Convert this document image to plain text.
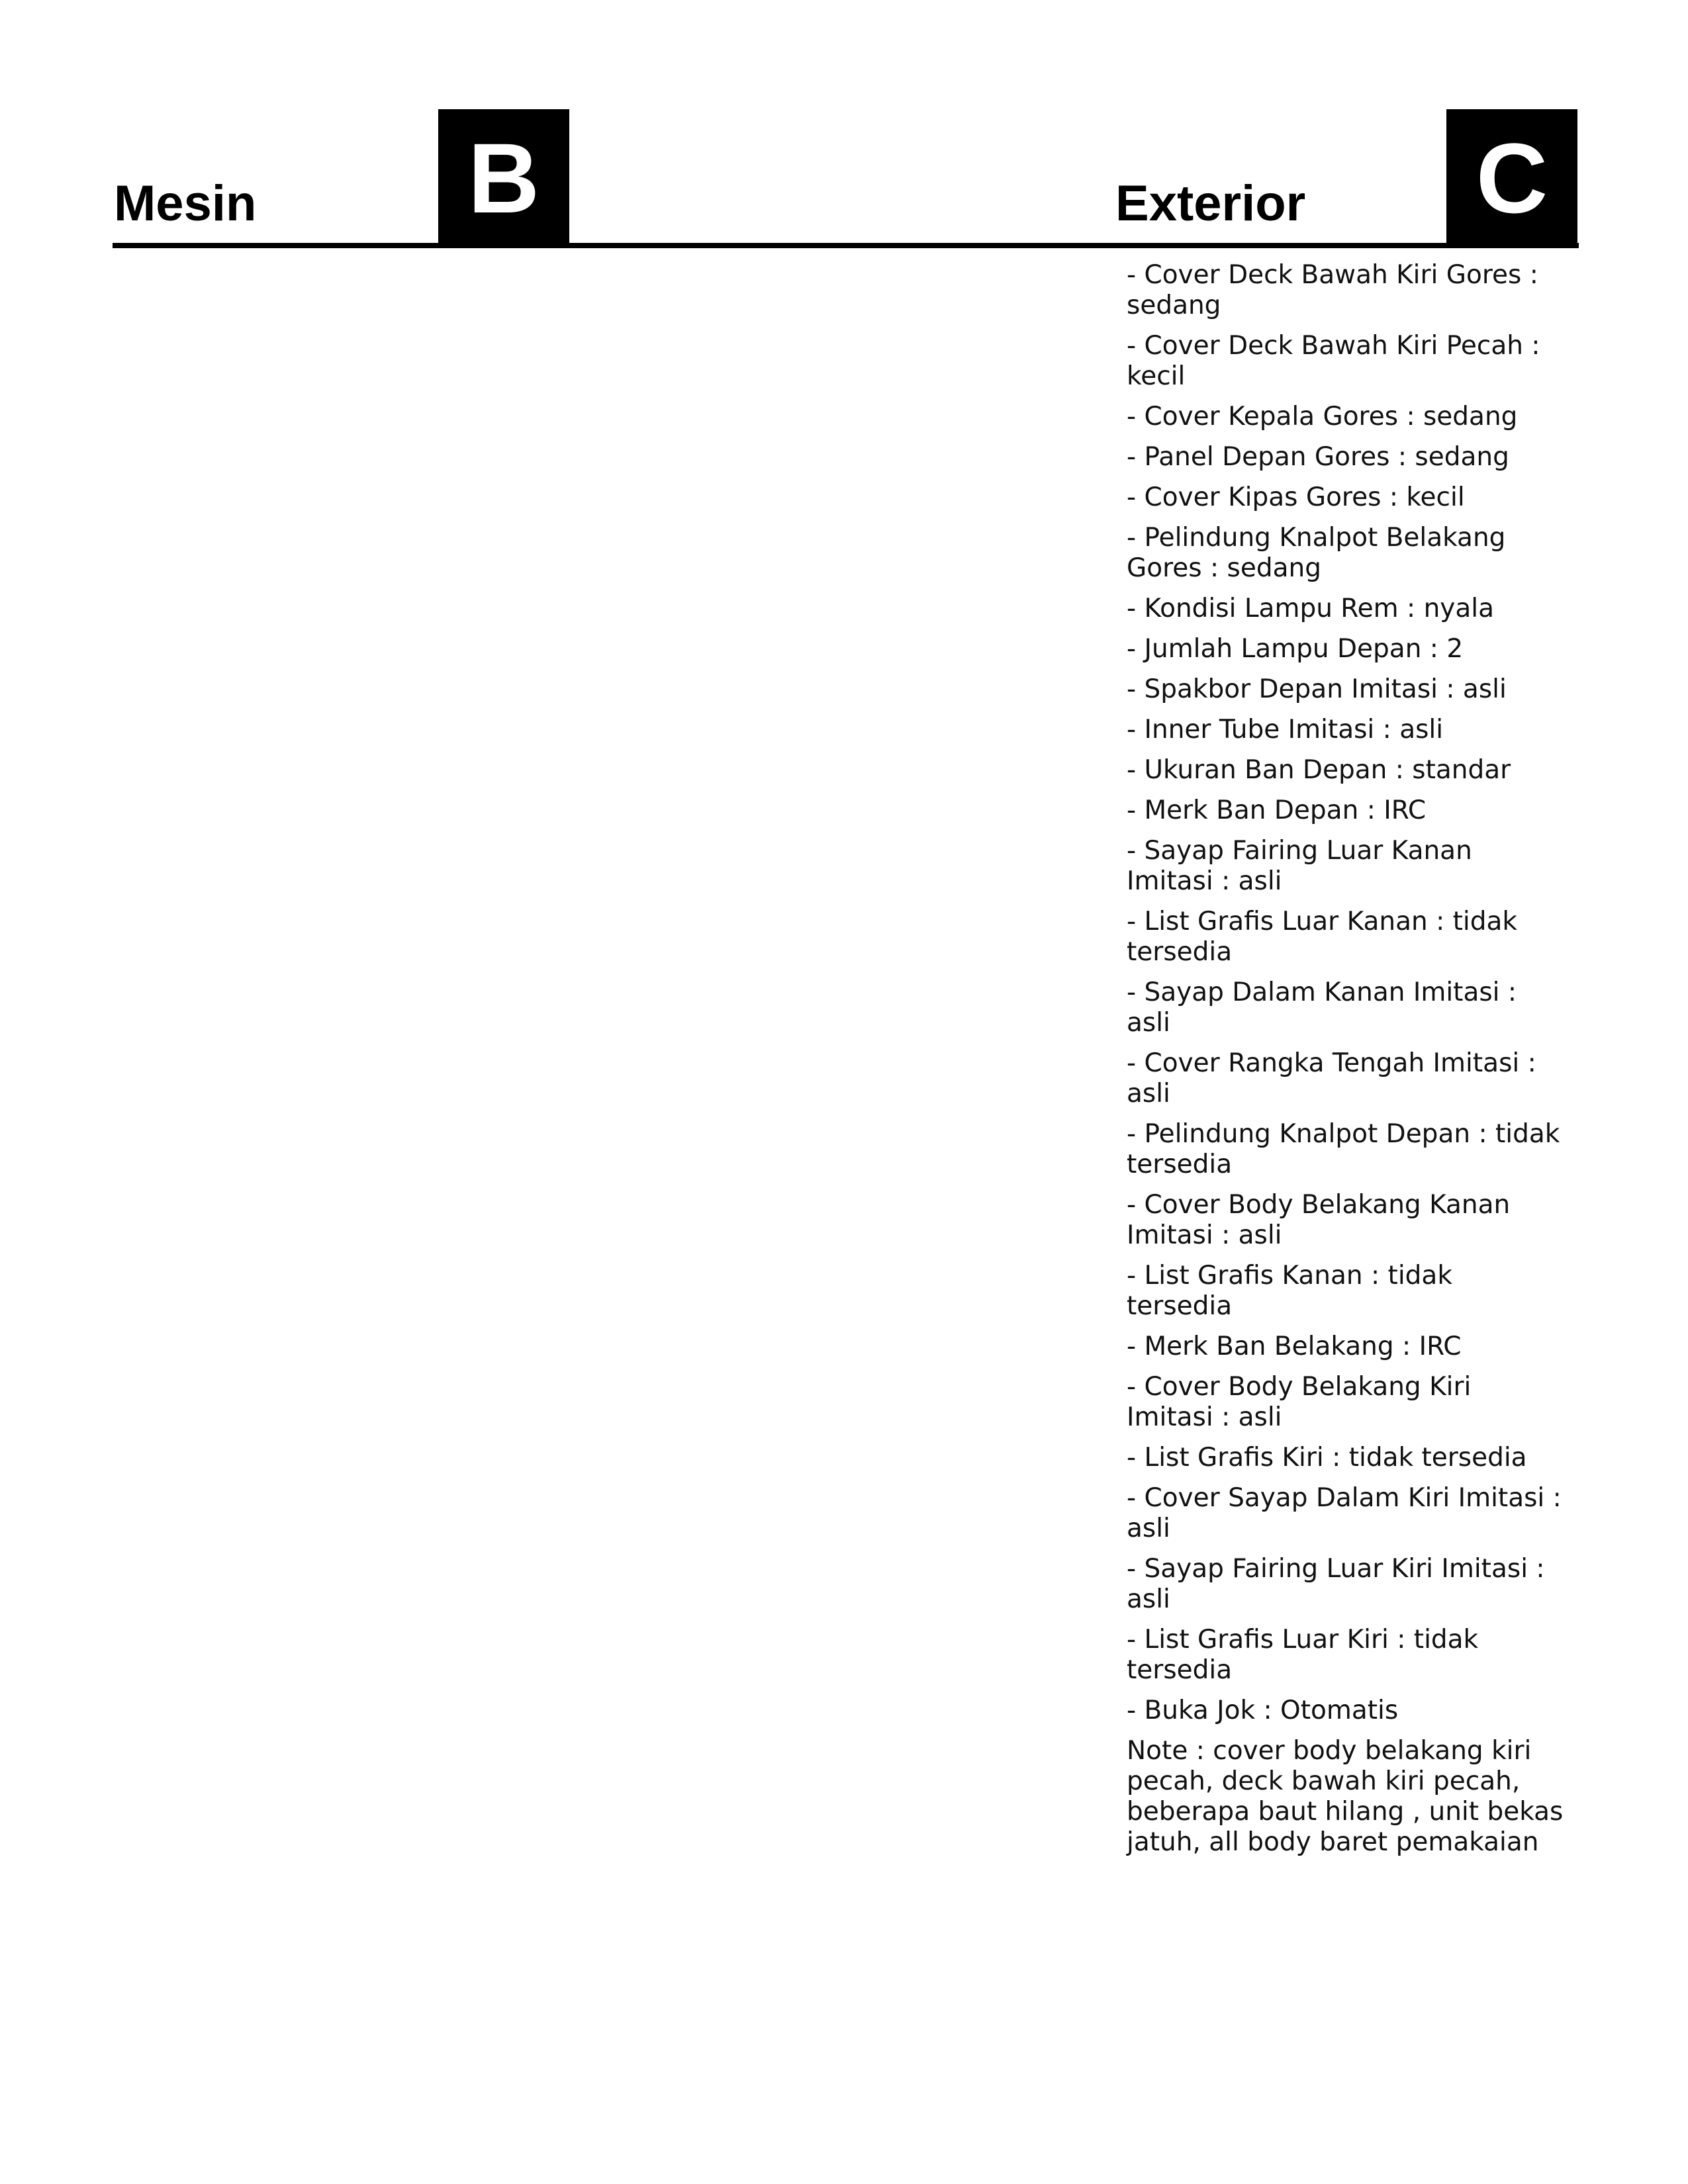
Mesin B	Exterior C
- Cover Deck Bawah Kiri Gores : sedang
- Cover Deck Bawah Kiri Pecah : kecil
- Cover Kepala Gores : sedang
- Panel Depan Gores : sedang
- Cover Kipas Gores : kecil
- Pelindung Knalpot Belakang Gores : sedang
- Kondisi Lampu Rem : nyala
- Jumlah Lampu Depan : 2
- Spakbor Depan Imitasi : asli
- Inner Tube Imitasi : asli
- Ukuran Ban Depan : standar
- Merk Ban Depan : IRC
- Sayap Fairing Luar Kanan Imitasi : asli
- List Grafis Luar Kanan : tidak tersedia
- Sayap Dalam Kanan Imitasi : asli
- Cover Rangka Tengah Imitasi : asli
- Pelindung Knalpot Depan : tidak tersedia
- Cover Body Belakang Kanan Imitasi : asli
- List Grafis Kanan : tidak tersedia
- Merk Ban Belakang : IRC
- Cover Body Belakang Kiri Imitasi : asli
- List Grafis Kiri : tidak tersedia
- Cover Sayap Dalam Kiri Imitasi : asli
- Sayap Fairing Luar Kiri Imitasi : asli
- List Grafis Luar Kiri : tidak tersedia
- Buka Jok : Otomatis
Note : cover body belakang kiri pecah, deck bawah kiri pecah, beberapa baut hilang , unit bekas jatuh, all body baret pemakaian
